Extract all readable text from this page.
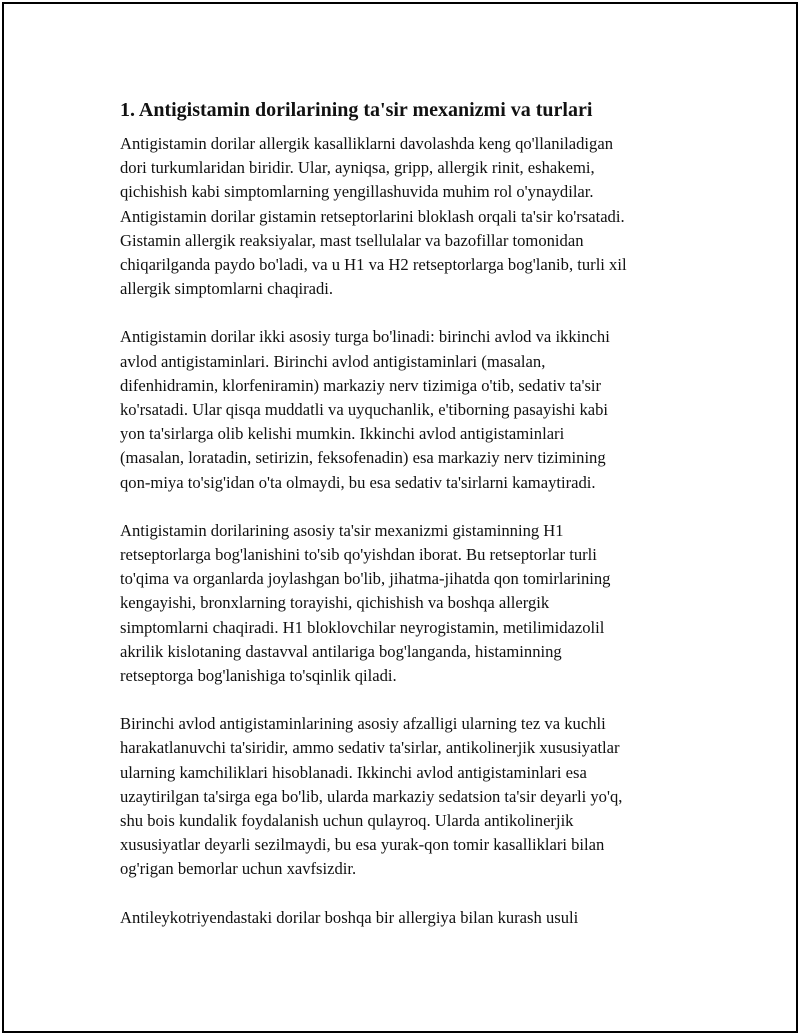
1. Antigistamin dorilarining ta'sir mexanizmi va turlari
Antigistamin dorilar allergik kasalliklarni davolashda keng qo'llaniladigan
dori turkumlaridan biridir. Ular, ayniqsa, gripp, allergik rinit, eshakemi,
qichishish kabi simptomlarning yengillashuvida muhim rol o'ynaydilar.
Antigistamin dorilar gistamin retseptorlarini bloklash orqali ta'sir ko'rsatadi.
Gistamin allergik reaksiyalar, mast tsellulalar va bazofillar tomonidan
chiqarilganda paydo bo'ladi, va u H1 va H2 retseptorlarga bog'lanib, turli xil
allergik simptomlarni chaqiradi.
Antigistamin dorilar ikki asosiy turga bo'linadi: birinchi avlod va ikkinchi
avlod antigistaminlari. Birinchi avlod antigistaminlari (masalan,
difenhidramin, klorfeniramin) markaziy nerv tizimiga o'tib, sedativ ta'sir
ko'rsatadi. Ular qisqa muddatli va uyquchanlik, e'tiborning pasayishi kabi
yon ta'sirlarga olib kelishi mumkin. Ikkinchi avlod antigistaminlari
(masalan, loratadin, setirizin, feksofenadin) esa markaziy nerv tizimining
qon-miya to'sig'idan o'ta olmaydi, bu esa sedativ ta'sirlarni kamaytiradi.
Antigistamin dorilarining asosiy ta'sir mexanizmi gistaminning H1
retseptorlarga bog'lanishini to'sib qo'yishdan iborat. Bu retseptorlar turli
to'qima va organlarda joylashgan bo'lib, jihatma-jihatda qon tomirlarining
kengayishi, bronxlarning torayishi, qichishish va boshqa allergik
simptomlarni chaqiradi. H1 bloklovchilar neyrogistamin, metilimidazolil
akrilik kislotaning dastavval antilariga bog'langanda, histaminning
retseptorga bog'lanishiga to'sqinlik qiladi.
Birinchi avlod antigistaminlarining asosiy afzalligi ularning tez va kuchli
harakatlanuvchi ta'siridir, ammo sedativ ta'sirlar, antikolinerjik xususiyatlar
ularning kamchiliklari hisoblanadi. Ikkinchi avlod antigistaminlari esa
uzaytirilgan ta'sirga ega bo'lib, ularda markaziy sedatsion ta'sir deyarli yo'q,
shu bois kundalik foydalanish uchun qulayroq. Ularda antikolinerjik
xususiyatlar deyarli sezilmaydi, bu esa yurak-qon tomir kasalliklari bilan
og'rigan bemorlar uchun xavfsizdir.
Antileykotriyendastaki dorilar boshqa bir allergiya bilan kurash usuli
